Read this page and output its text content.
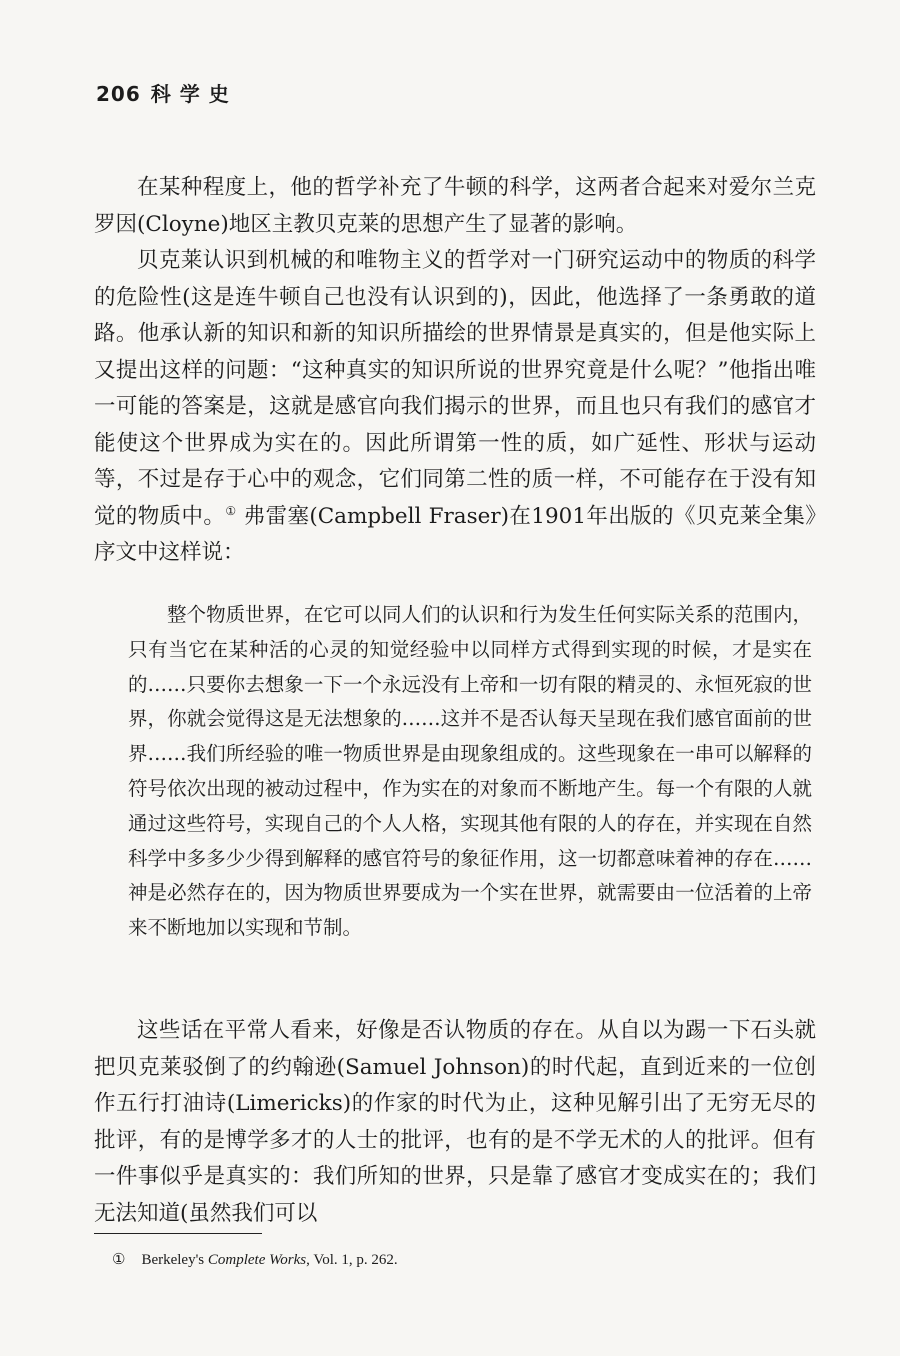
206 科学史

在某种程度上，他的哲学补充了牛顿的科学，这两者合起来对爱尔兰克罗因(Cloyne)地区主教贝克莱的思想产生了显著的影响。

贝克莱认识到机械的和唯物主义的哲学对一门研究运动中的物质的科学的危险性(这是连牛顿自己也没有认识到的)，因此，他选择了一条勇敢的道路。他承认新的知识和新的知识所描绘的世界情景是真实的，但是他实际上又提出这样的问题：“这种真实的知识所说的世界究竟是什么呢？”他指出唯一可能的答案是，这就是感官向我们揭示的世界，而且也只有我们的感官才能使这个世界成为实在的。因此所谓第一性的质，如广延性、形状与运动等，不过是存于心中的观念，它们同第二性的质一样，不可能存在于没有知觉的物质中。① 弗雷塞(Campbell Fraser)在1901年出版的《贝克莱全集》序文中这样说：

整个物质世界，在它可以同人们的认识和行为发生任何实际关系的范围内，只有当它在某种活的心灵的知觉经验中以同样方式得到实现的时候，才是实在的……只要你去想象一下一个永远没有上帝和一切有限的精灵的、永恒死寂的世界，你就会觉得这是无法想象的……这并不是否认每天呈现在我们感官面前的世界……我们所经验的唯一物质世界是由现象组成的。这些现象在一串可以解释的符号依次出现的被动过程中，作为实在的对象而不断地产生。每一个有限的人就通过这些符号，实现自己的个人人格，实现其他有限的人的存在，并实现在自然科学中多多少少得到解释的感官符号的象征作用，这一切都意味着神的存在……神是必然存在的，因为物质世界要成为一个实在世界，就需要由一位活着的上帝来不断地加以实现和节制。

这些话在平常人看来，好像是否认物质的存在。从自以为踢一下石头就把贝克莱驳倒了的约翰逊(Samuel Johnson)的时代起，直到近来的一位创作五行打油诗(Limericks)的作家的时代为止，这种见解引出了无穷无尽的批评，有的是博学多才的人士的批评，也有的是不学无术的人的批评。但有一件事似乎是真实的：我们所知的世界，只是靠了感官才变成实在的；我们无法知道(虽然我们可以

① Berkeley's Complete Works, Vol. 1, p. 262.
